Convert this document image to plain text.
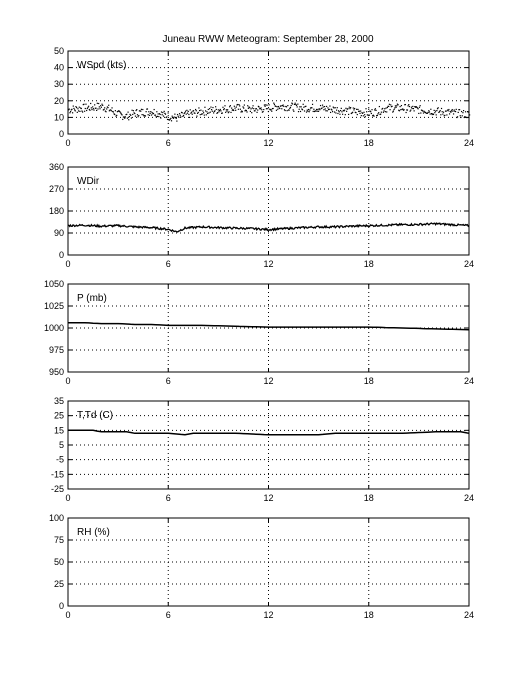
Juneau RWW Meteogram: September 28, 2000
0
10
20
30
40
50
0	6	12	18	24
WSpd (kts)
0
90
180
270
360
0	6	12	18	24
WDir
950
975
1000
1025
1050
0	6	12	18	24
P (mb)
-25
-15
-5
5
15
25
35
0	6	12	18	24
T,Td (C)
0
25
50
75
100
0	6	12	18	24
RH (%)
